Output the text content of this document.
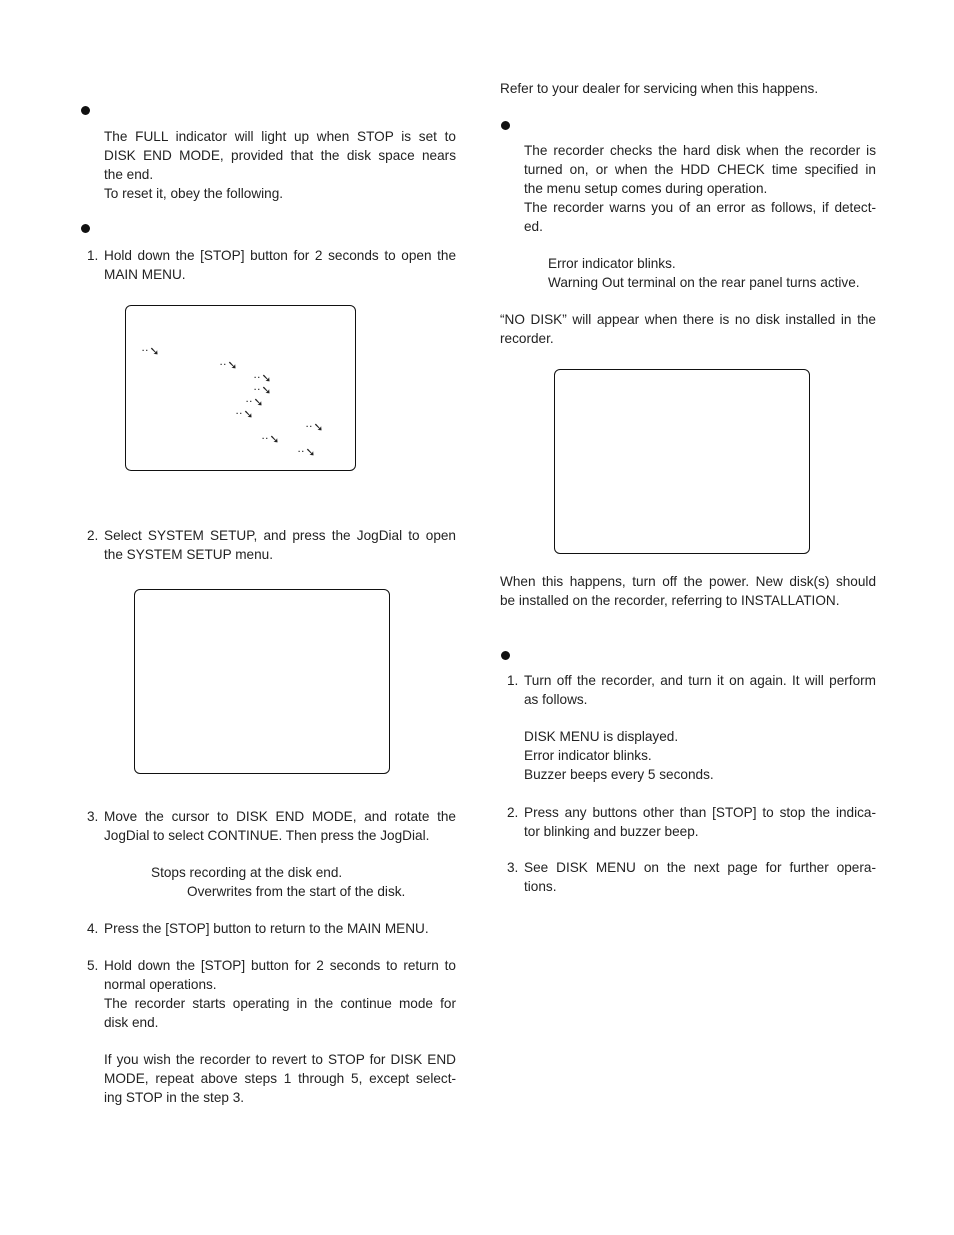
The FULL indicator will light up when STOP is set to
DISK END MODE, provided that the disk space nears
the end.
To reset it, obey the following.
1. Hold down the [STOP] button for 2 seconds to open the
MAIN MENU.
··➘
··➘
··➘
··➘
··➘
··➘
··➘
··➘
··➘
2. Select SYSTEM SETUP, and press the JogDial to open
the SYSTEM SETUP menu.
3. Move the cursor to DISK END MODE, and rotate the
JogDial to select CONTINUE. Then press the JogDial.
Stops recording at the disk end.
Overwrites from the start of the disk.
4. Press the [STOP] button to return to the MAIN MENU.
5. Hold down the [STOP] button for 2 seconds to return to
normal operations.
The recorder starts operating in the continue mode for
disk end.
If you wish the recorder to revert to STOP for DISK END
MODE, repeat above steps 1 through 5, except select-
ing STOP in the step 3.
Refer to your dealer for servicing when this happens.
The recorder checks the hard disk when the recorder is
turned on, or when the HDD CHECK time specified in
the menu setup comes during operation.
The recorder warns you of an error as follows, if detect-
ed.
Error indicator blinks.
Warning Out terminal on the rear panel turns active.
“NO DISK” will appear when there is no disk installed in the
recorder.
When this happens, turn off the power. New disk(s) should
be installed on the recorder, referring to INSTALLATION.
1. Turn off the recorder, and turn it on again. It will perform
as follows.
DISK MENU is displayed.
Error indicator blinks.
Buzzer beeps every 5 seconds.
2. Press any buttons other than [STOP] to stop the indica-
tor blinking and buzzer beep.
3. See DISK MENU on the next page for further opera-
tions.
